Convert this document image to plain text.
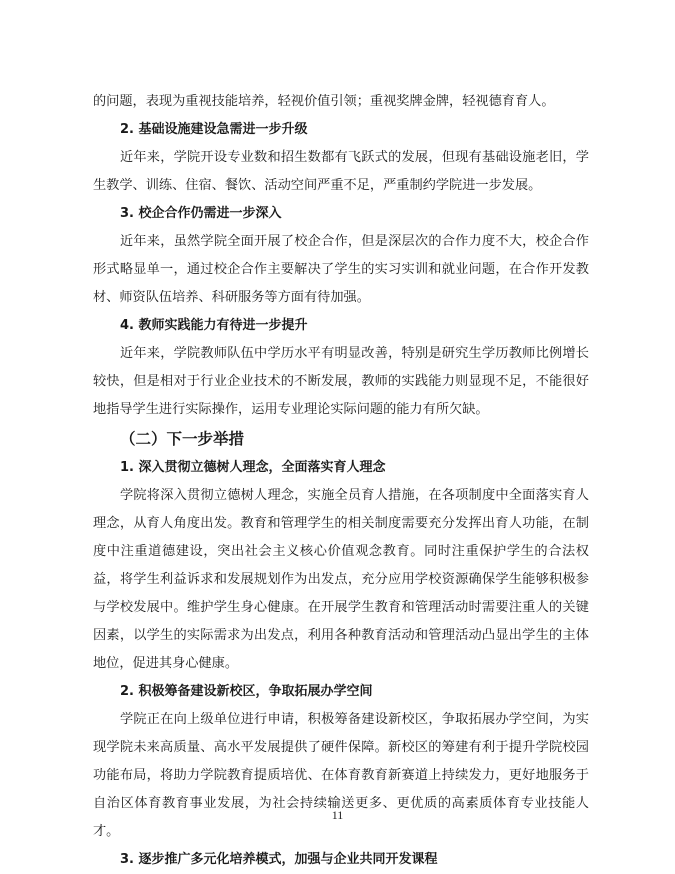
的问题，表现为重视技能培养，轻视价值引领；重视奖牌金牌，轻视德育育人。

2. 基础设施建设急需进一步升级

近年来，学院开设专业数和招生数都有飞跃式的发展，但现有基础设施老旧，学生教学、训练、住宿、餐饮、活动空间严重不足，严重制约学院进一步发展。

3. 校企合作仍需进一步深入

近年来，虽然学院全面开展了校企合作，但是深层次的合作力度不大，校企合作形式略显单一，通过校企合作主要解决了学生的实习实训和就业问题，在合作开发教材、师资队伍培养、科研服务等方面有待加强。

4. 教师实践能力有待进一步提升

近年来，学院教师队伍中学历水平有明显改善，特别是研究生学历教师比例增长较快，但是相对于行业企业技术的不断发展，教师的实践能力则显现不足，不能很好地指导学生进行实际操作，运用专业理论实际问题的能力有所欠缺。

（二）下一步举措

1. 深入贯彻立德树人理念，全面落实育人理念

学院将深入贯彻立德树人理念，实施全员育人措施，在各项制度中全面落实育人理念，从育人角度出发。教育和管理学生的相关制度需要充分发挥出育人功能，在制度中注重道德建设，突出社会主义核心价值观念教育。同时注重保护学生的合法权益，将学生利益诉求和发展规划作为出发点，充分应用学校资源确保学生能够积极参与学校发展中。维护学生身心健康。在开展学生教育和管理活动时需要注重人的关键因素，以学生的实际需求为出发点，利用各种教育活动和管理活动凸显出学生的主体地位，促进其身心健康。

2. 积极筹备建设新校区，争取拓展办学空间

学院正在向上级单位进行申请，积极筹备建设新校区，争取拓展办学空间，为实现学院未来高质量、高水平发展提供了硬件保障。新校区的筹建有利于提升学院校园功能布局，将助力学院教育提质培优、在体育教育新赛道上持续发力，更好地服务于自治区体育教育事业发展，为社会持续输送更多、更优质的高素质体育专业技能人才。

3. 逐步推广多元化培养模式，加强与企业共同开发课程

11
